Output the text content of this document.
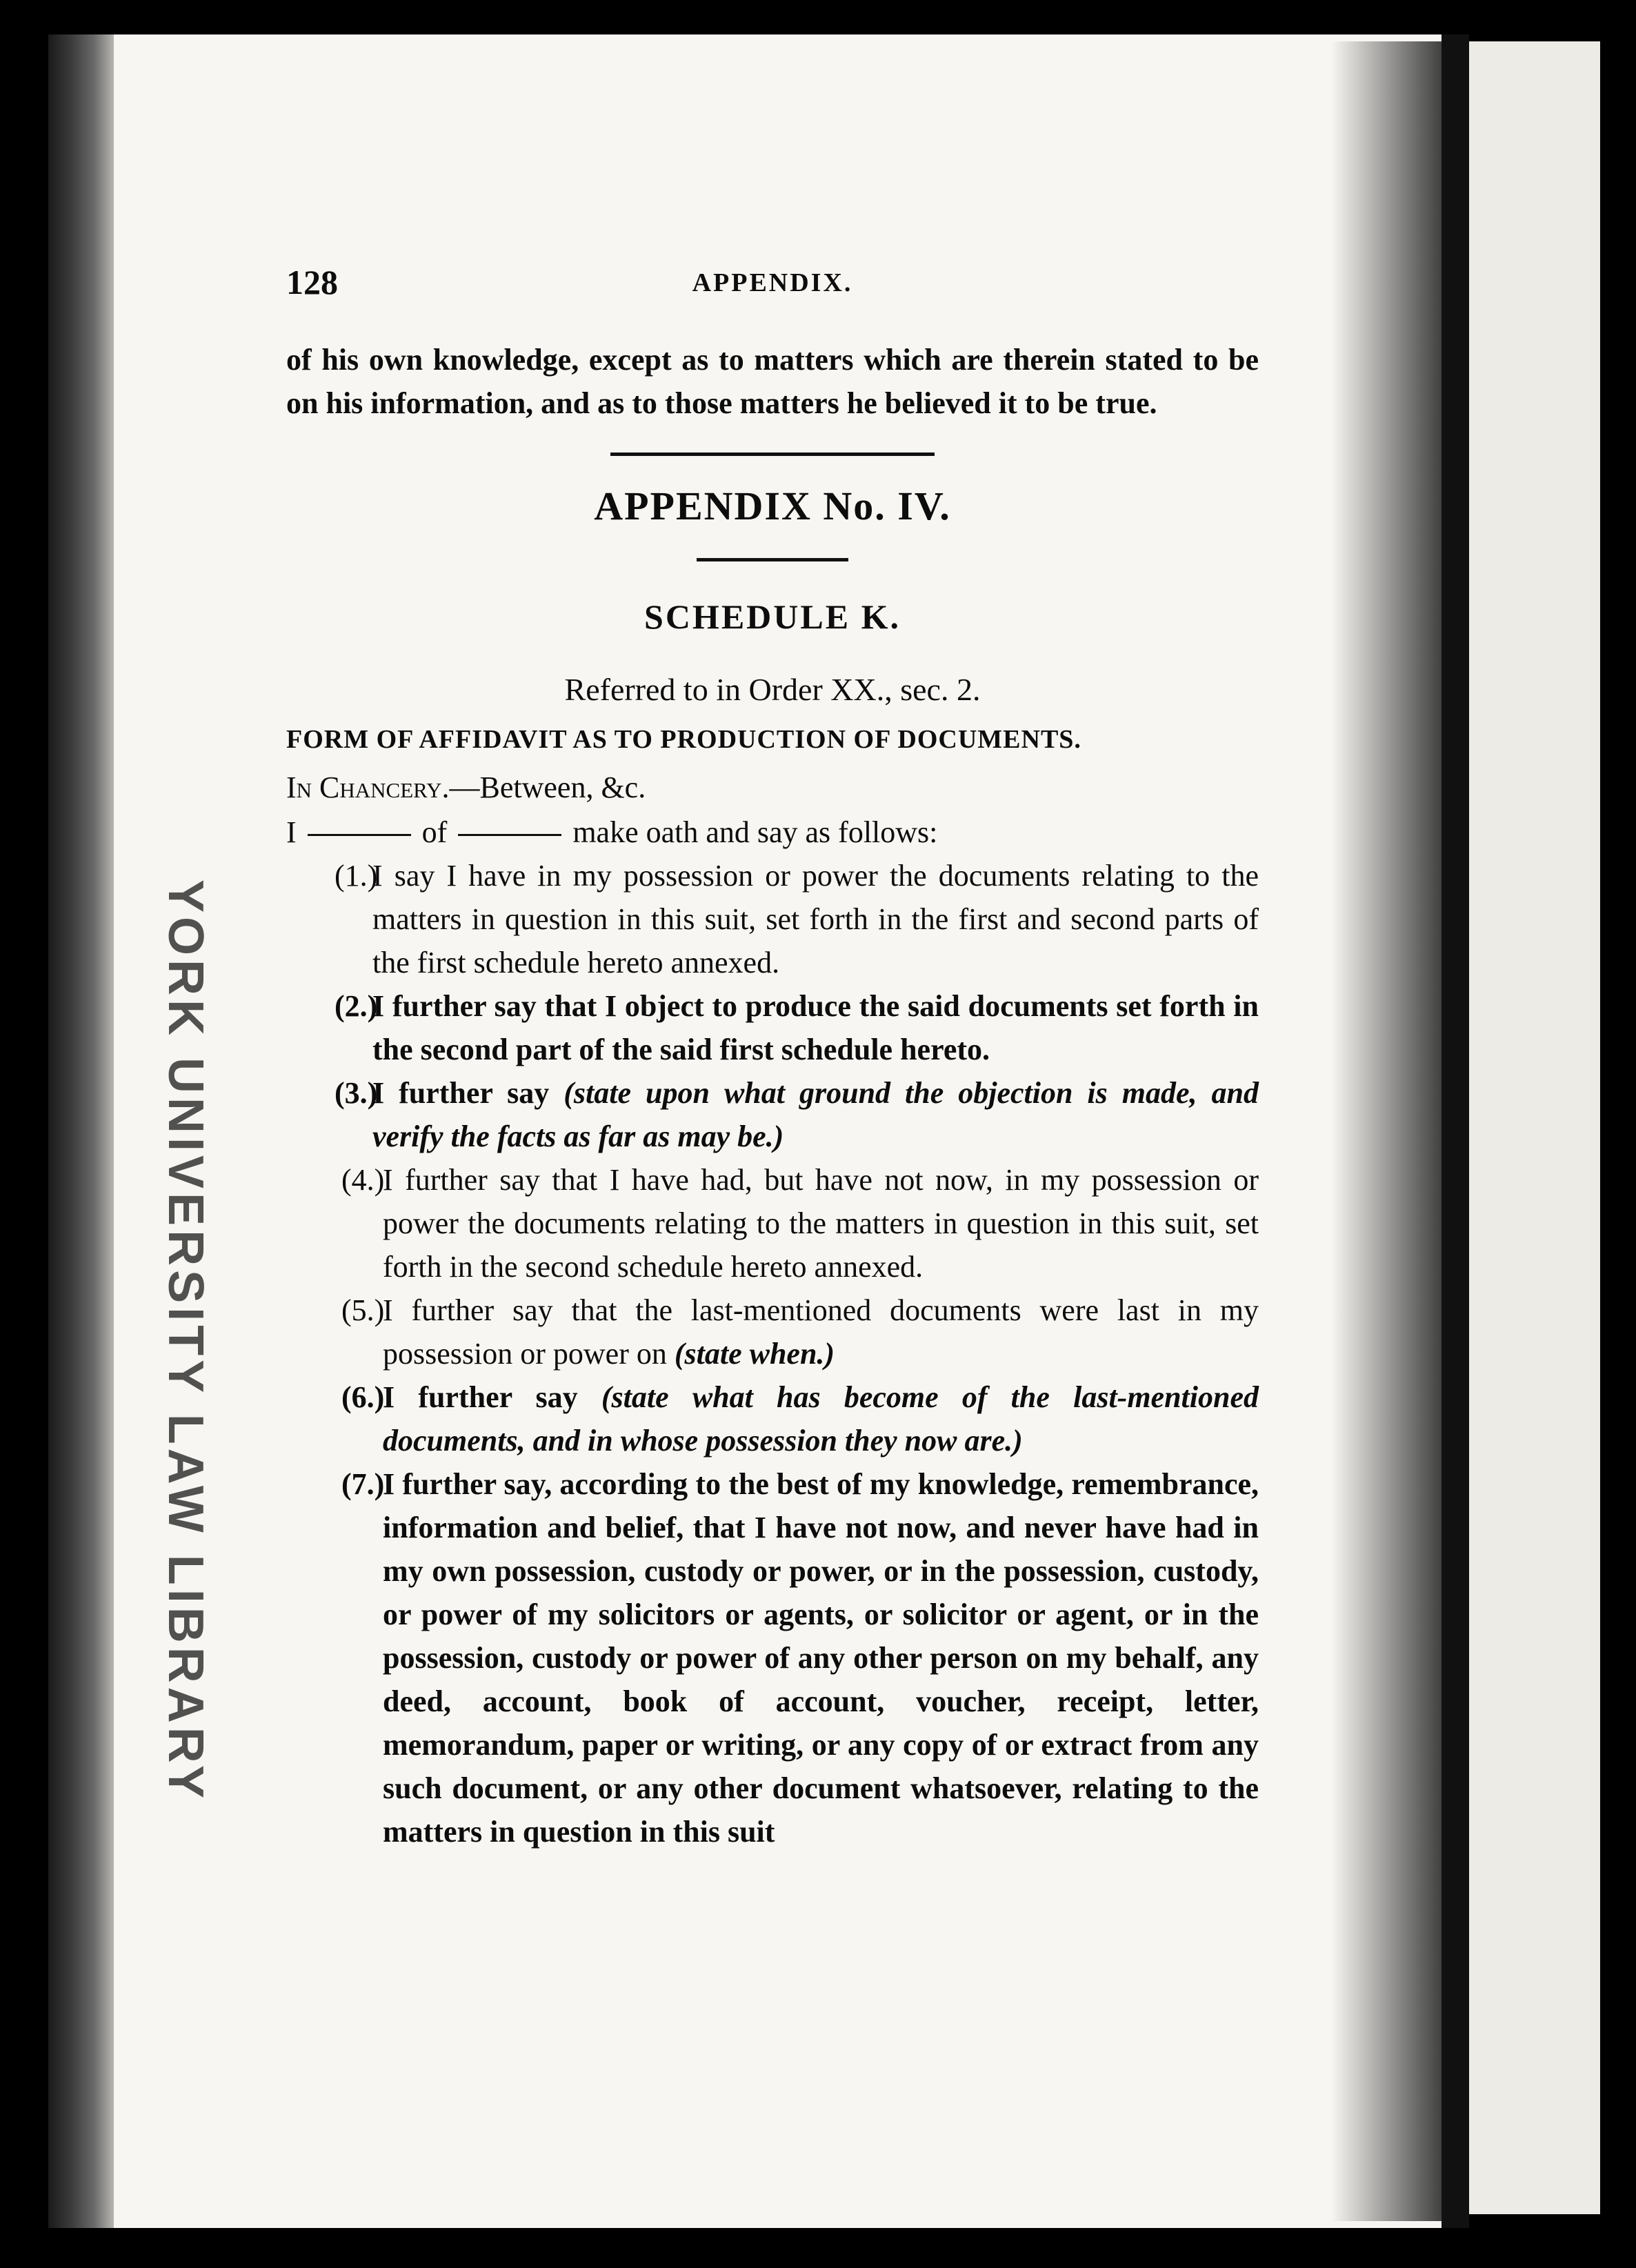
YORK UNIVERSITY LAW LIBRARY
128	APPENDIX.
of his own knowledge, except as to matters which are therein stated to be on his information, and as to those matters he believed it to be true.
APPENDIX No. IV.
SCHEDULE K.
Referred to in Order XX., sec. 2.
FORM OF AFFIDAVIT AS TO PRODUCTION OF DOCUMENTS.
In Chancery.—Between, &c.
I	of	make oath and say as follows:
(1.)
I say I have in my possession or power the documents relating to the matters in question in this suit, set forth in the first and second parts of the first schedule hereto annexed.
(2.)
I further say that I object to produce the said documents set forth in the second part of the said first schedule hereto.
(3.)
I further say (state upon what ground the objection is made, and verify the facts as far as may be.)
(4.)
I further say that I have had, but have not now, in my possession or power the documents relating to the matters in question in this suit, set forth in the second schedule hereto annexed.
(5.)
I further say that the last-mentioned documents were last in my possession or power on (state when.)
(6.)
I further say (state what has become of the last-mentioned documents, and in whose possession they now are.)
(7.)
I further say, according to the best of my knowledge, remembrance, information and belief, that I have not now, and never have had in my own possession, custody or power, or in the possession, custody, or power of my solicitors or agents, or solicitor or agent, or in the possession, custody or power of any other person on my behalf, any deed, account, book of account, voucher, receipt, letter, memorandum, paper or writing, or any copy of or extract from any such document, or any other document whatsoever, relating to the matters in question in this suit
